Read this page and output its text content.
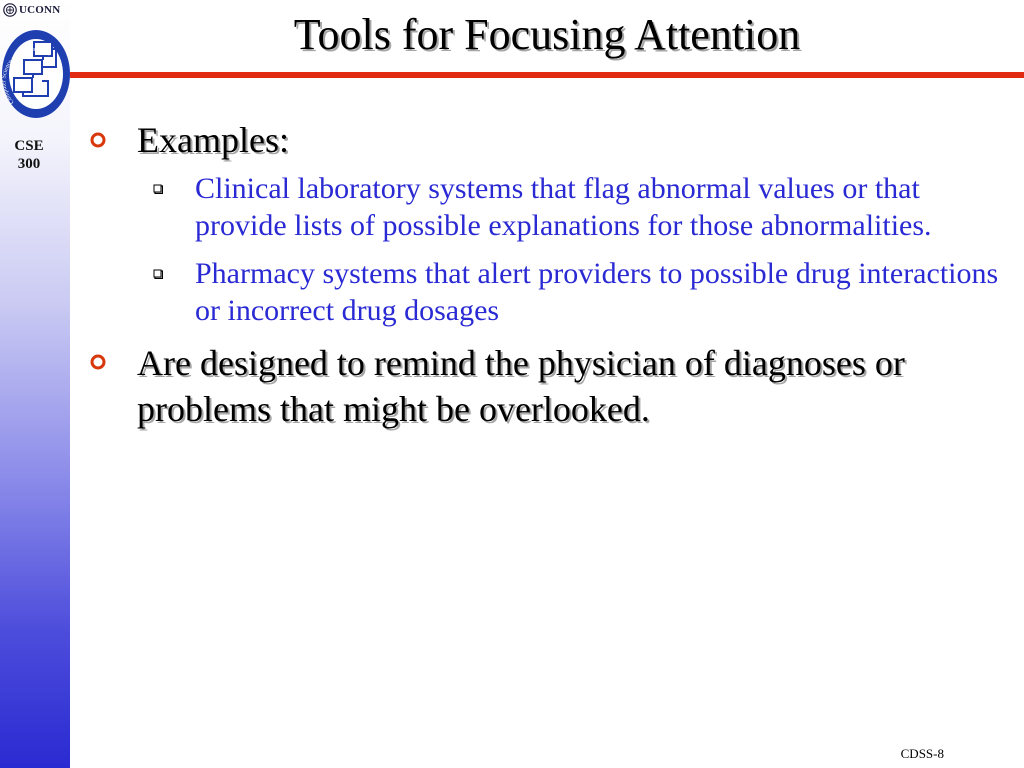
UCONN
Computer Science and Engineering
CSE
300
Tools for Focusing Attention
Examples:
Clinical laboratory systems that flag abnormal values or that provide lists of possible explanations for those abnormalities.
Pharmacy systems that alert providers to possible drug interactions or incorrect drug dosages
Are designed to remind the physician of diagnoses or problems that might be overlooked.
CDSS-8
